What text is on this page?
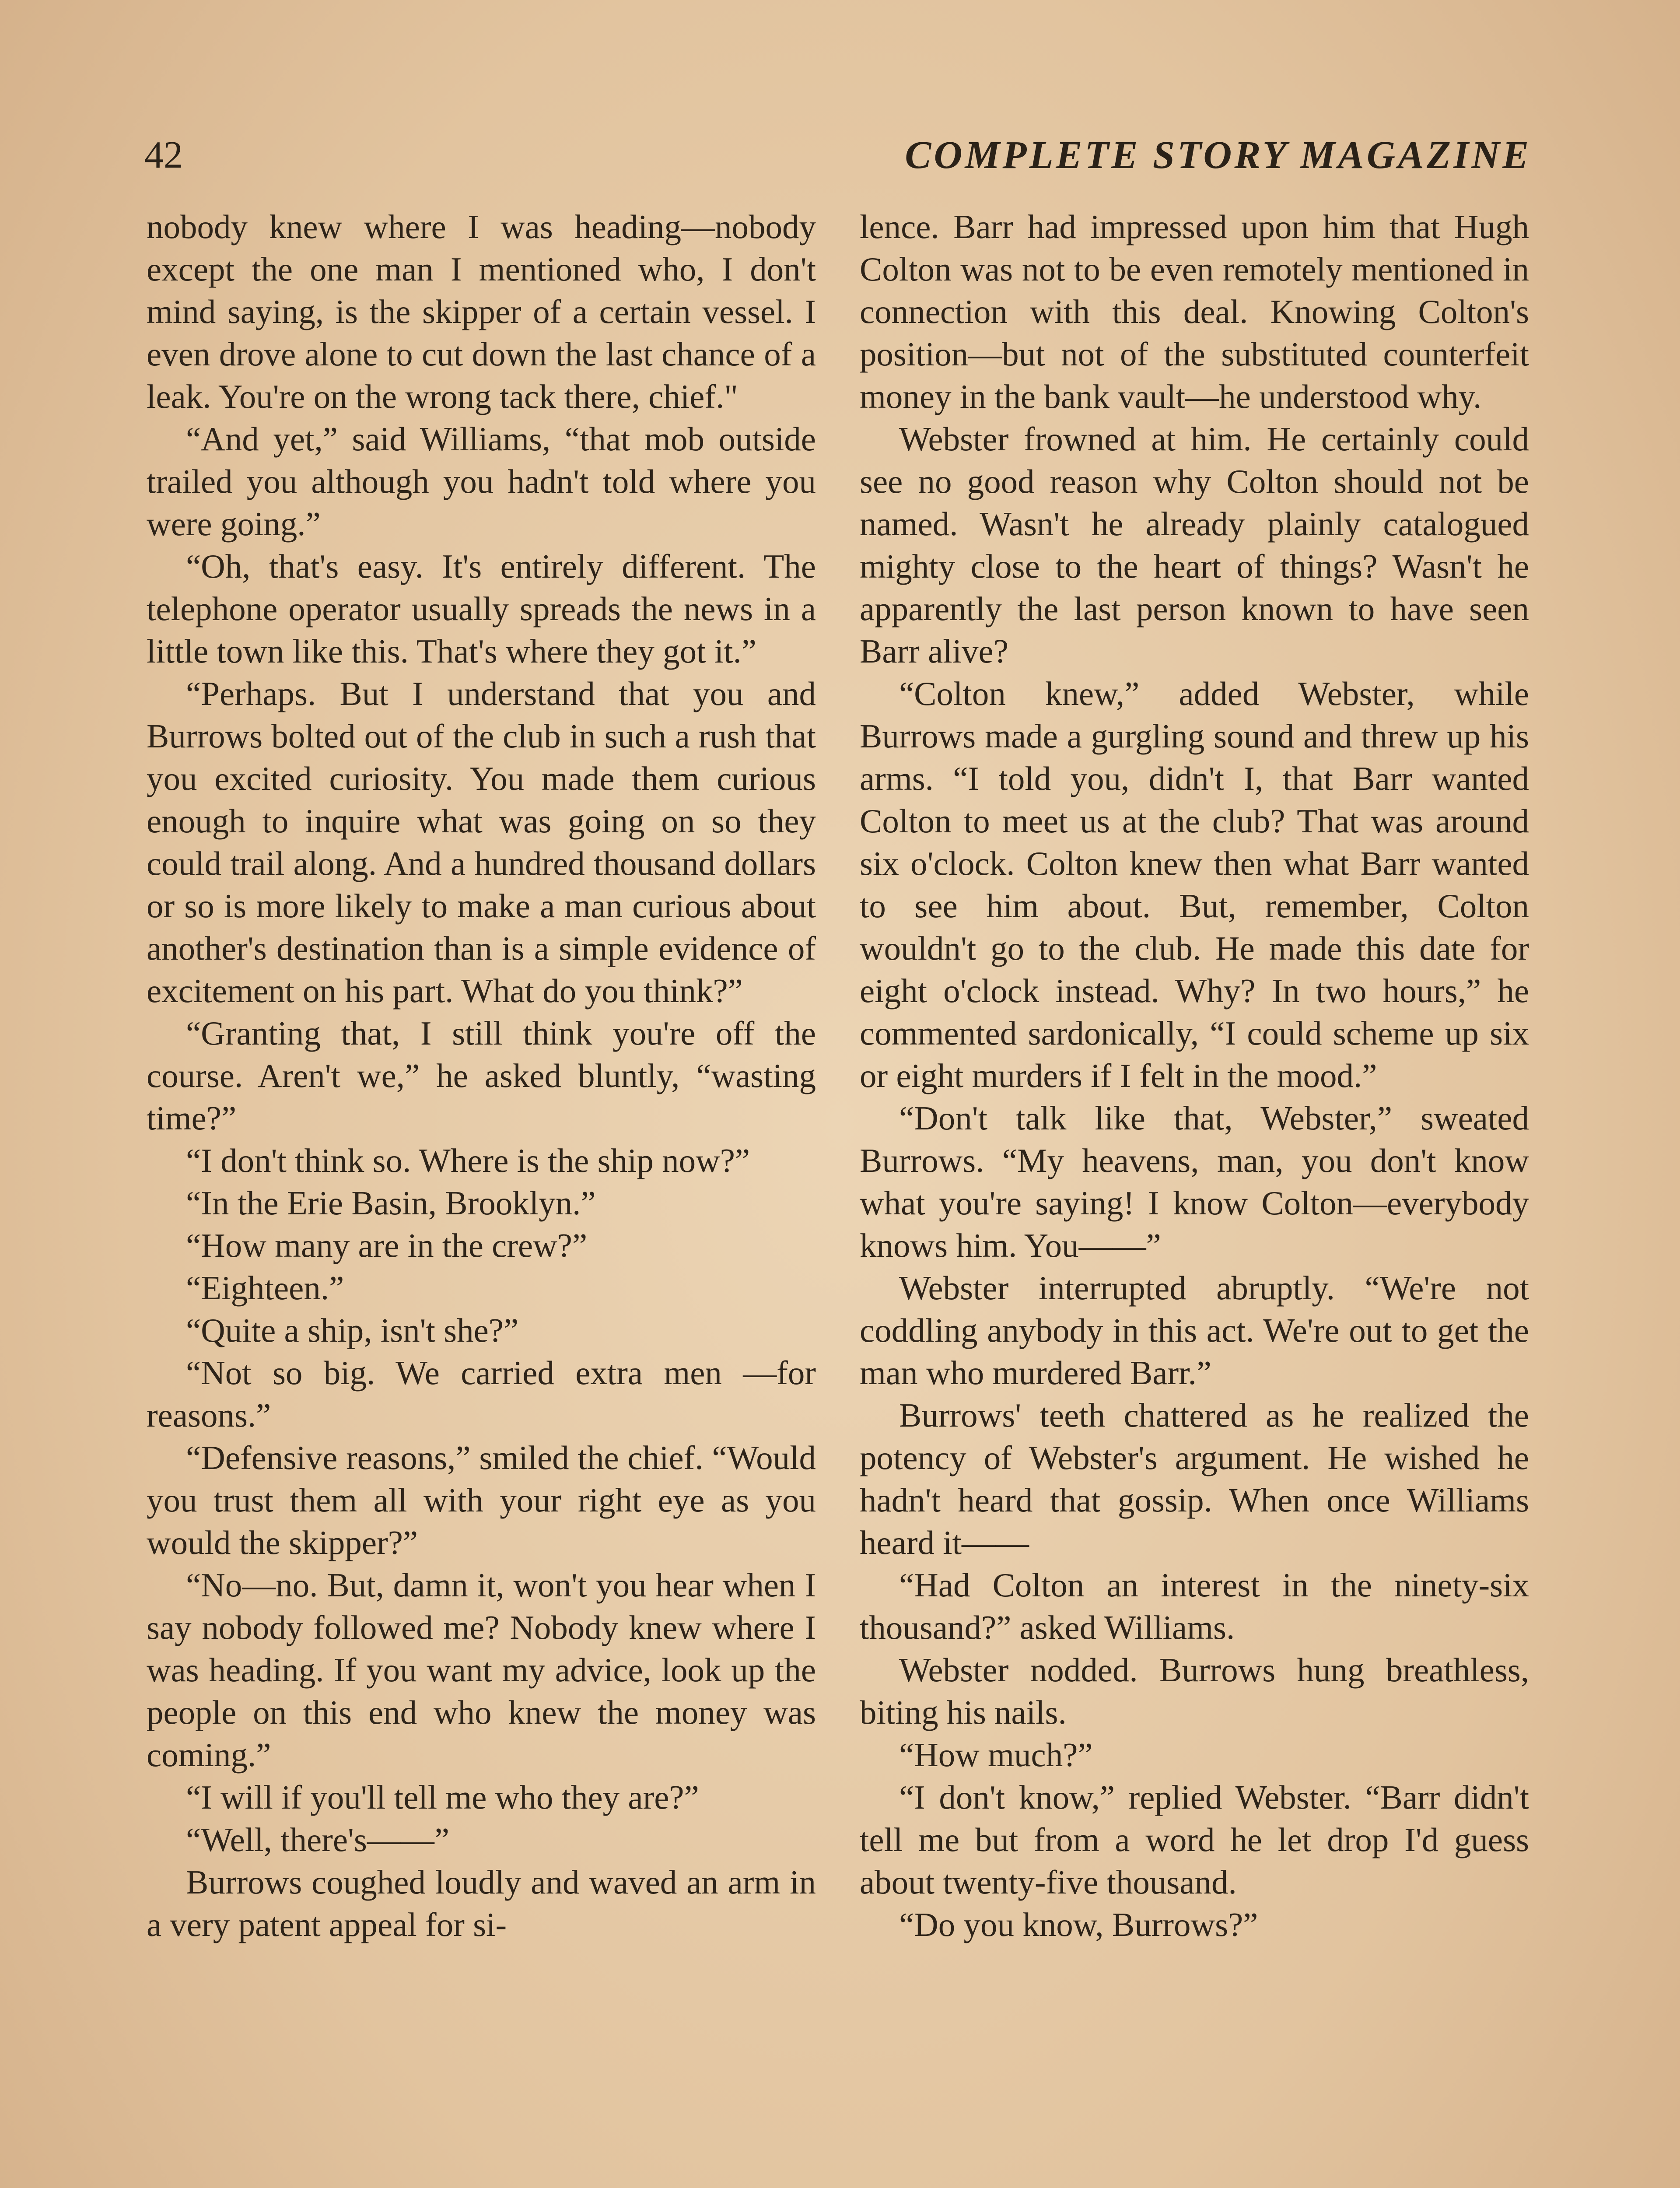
42	COMPLETE STORY MAGAZINE

nobody knew where I was heading—nobody except the one man I mentioned who, I don't mind saying, is the skipper of a certain vessel. I even drove alone to cut down the last chance of a leak. You're on the wrong tack there, chief."

“And yet,” said Williams, “that mob outside trailed you although you hadn't told where you were going.”

“Oh, that's easy. It's entirely different. The telephone operator usually spreads the news in a little town like this. That's where they got it.”

“Perhaps. But I understand that you and Burrows bolted out of the club in such a rush that you excited curiosity. You made them curious enough to inquire what was going on so they could trail along. And a hundred thousand dollars or so is more likely to make a man curious about another's destination than is a simple evidence of excitement on his part. What do you think?”

“Granting that, I still think you're off the course. Aren't we,” he asked bluntly, “wasting time?”

“I don't think so. Where is the ship now?”

“In the Erie Basin, Brooklyn.”

“How many are in the crew?”

“Eighteen.”

“Quite a ship, isn't she?”

“Not so big. We carried extra men —for reasons.”

“Defensive reasons,” smiled the chief. “Would you trust them all with your right eye as you would the skipper?”

“No—no. But, damn it, won't you hear when I say nobody followed me? Nobody knew where I was heading. If you want my advice, look up the people on this end who knew the money was coming.”

“I will if you'll tell me who they are?”

“Well, there's——”

Burrows coughed loudly and waved an arm in a very patent appeal for si-

lence. Barr had impressed upon him that Hugh Colton was not to be even remotely mentioned in connection with this deal. Knowing Colton's position—but not of the substituted counterfeit money in the bank vault—he understood why.

Webster frowned at him. He certainly could see no good reason why Colton should not be named. Wasn't he already plainly catalogued mighty close to the heart of things? Wasn't he apparently the last person known to have seen Barr alive?

“Colton knew,” added Webster, while Burrows made a gurgling sound and threw up his arms. “I told you, didn't I, that Barr wanted Colton to meet us at the club? That was around six o'clock. Colton knew then what Barr wanted to see him about. But, remember, Colton wouldn't go to the club. He made this date for eight o'clock instead. Why? In two hours,” he commented sardonically, “I could scheme up six or eight murders if I felt in the mood.”

“Don't talk like that, Webster,” sweated Burrows. “My heavens, man, you don't know what you're saying! I know Colton—everybody knows him. You——”

Webster interrupted abruptly. “We're not coddling anybody in this act. We're out to get the man who murdered Barr.”

Burrows' teeth chattered as he realized the potency of Webster's argument. He wished he hadn't heard that gossip. When once Williams heard it——

“Had Colton an interest in the ninety-six thousand?” asked Williams.

Webster nodded. Burrows hung breathless, biting his nails.

“How much?”

“I don't know,” replied Webster. “Barr didn't tell me but from a word he let drop I'd guess about twenty-five thousand.

“Do you know, Burrows?”
